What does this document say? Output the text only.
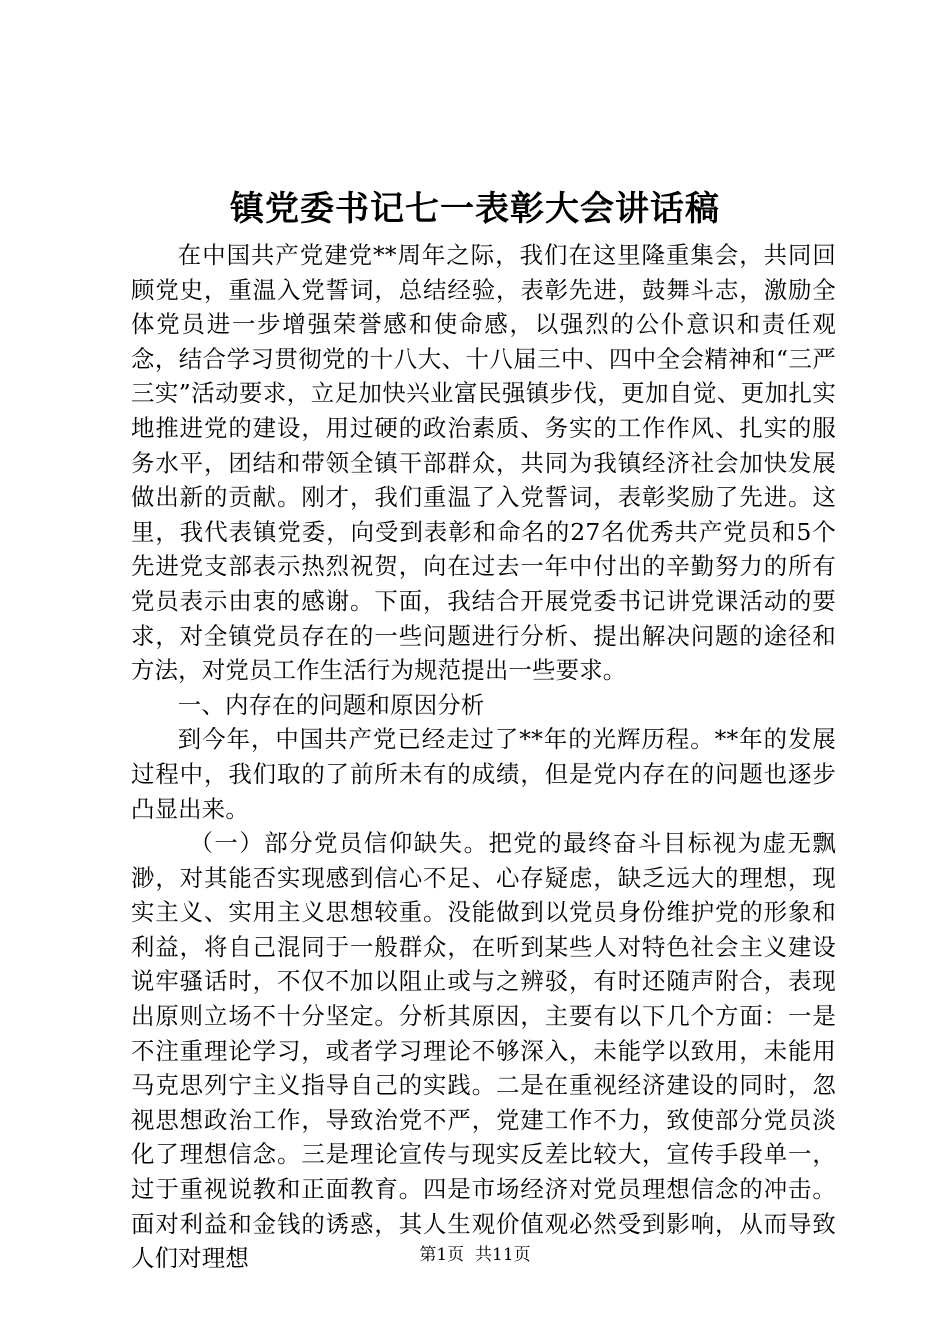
镇党委书记七一表彰大会讲话稿

在中国共产党建党**周年之际，我们在这里隆重集会，共同回顾党史，重温入党誓词，总结经验，表彰先进，鼓舞斗志，激励全体党员进一步增强荣誉感和使命感，以强烈的公仆意识和责任观念，结合学习贯彻党的十八大、十八届三中、四中全会精神和“三严三实”活动要求，立足加快兴业富民强镇步伐，更加自觉、更加扎实地推进党的建设，用过硬的政治素质、务实的工作作风、扎实的服务水平，团结和带领全镇干部群众，共同为我镇经济社会加快发展做出新的贡献。刚才，我们重温了入党誓词，表彰奖励了先进。这里，我代表镇党委，向受到表彰和命名的27名优秀共产党员和5个先进党支部表示热烈祝贺，向在过去一年中付出的辛勤努力的所有党员表示由衷的感谢。下面，我结合开展党委书记讲党课活动的要求，对全镇党员存在的一些问题进行分析、提出解决问题的途径和方法，对党员工作生活行为规范提出一些要求。

一、内存在的问题和原因分析

到今年，中国共产党已经走过了**年的光辉历程。**年的发展过程中，我们取的了前所未有的成绩，但是党内存在的问题也逐步凸显出来。

（一）部分党员信仰缺失。把党的最终奋斗目标视为虚无飘渺，对其能否实现感到信心不足、心存疑虑，缺乏远大的理想，现实主义、实用主义思想较重。没能做到以党员身份维护党的形象和利益，将自己混同于一般群众，在听到某些人对特色社会主义建设说牢骚话时，不仅不加以阻止或与之辨驳，有时还随声附合，表现出原则立场不十分坚定。分析其原因，主要有以下几个方面：一是不注重理论学习，或者学习理论不够深入，未能学以致用，未能用马克思列宁主义指导自己的实践。二是在重视经济建设的同时，忽视思想政治工作，导致治党不严，党建工作不力，致使部分党员淡化了理想信念。三是理论宣传与现实反差比较大，宣传手段单一，过于重视说教和正面教育。四是市场经济对党员理想信念的冲击。面对利益和金钱的诱惑，其人生观价值观必然受到影响，从而导致人们对理想	第1页 共11页
